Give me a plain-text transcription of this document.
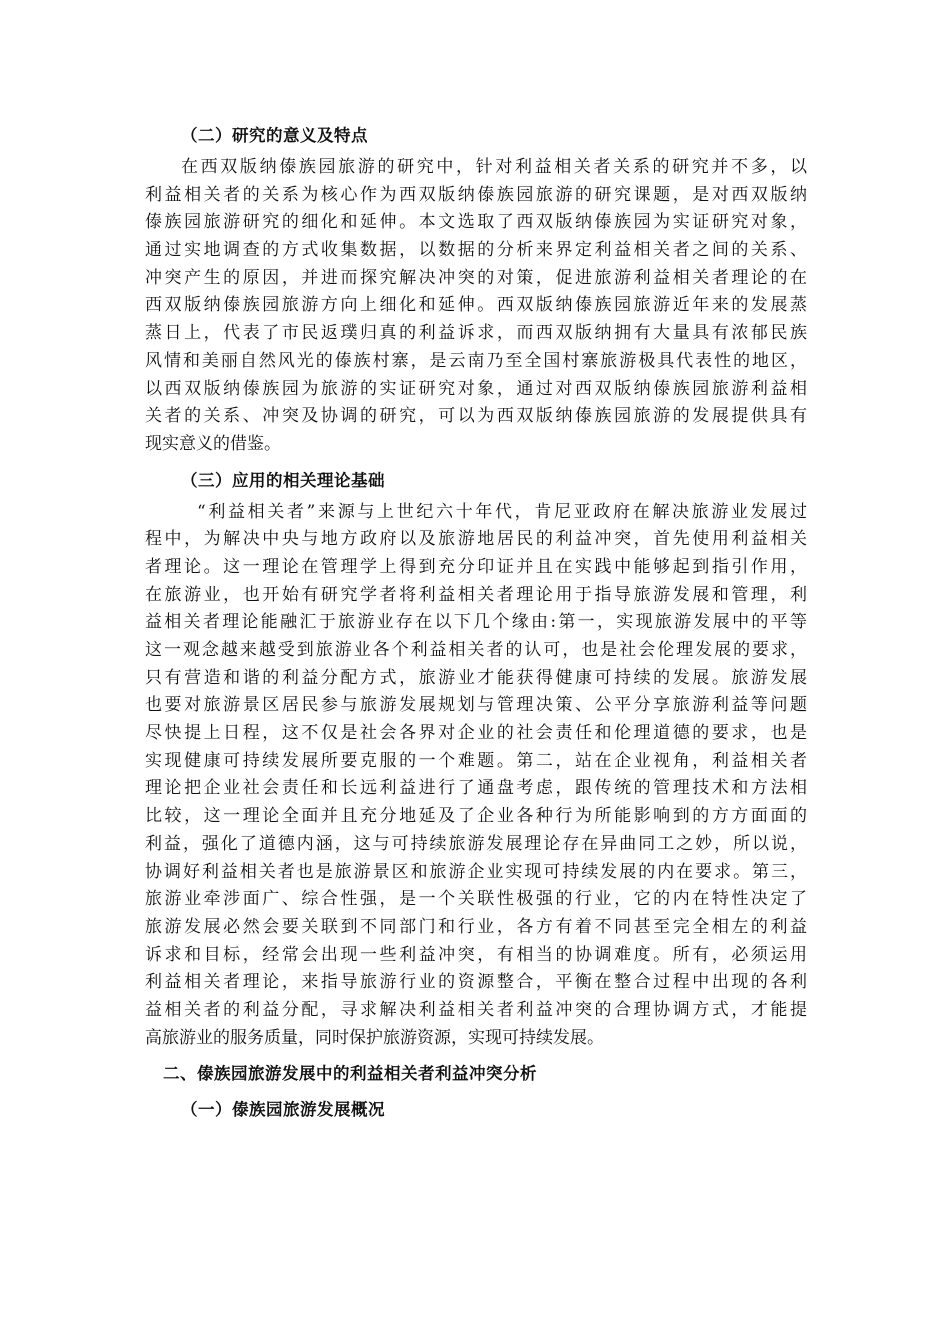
（二）研究的意义及特点
在西双版纳傣族园旅游的研究中，针对利益相关者关系的研究并不多，以
利益相关者的关系为核心作为西双版纳傣族园旅游的研究课题，是对西双版纳
傣族园旅游研究的细化和延伸。本文选取了西双版纳傣族园为实证研究对象，
通过实地调查的方式收集数据，以数据的分析来界定利益相关者之间的关系、
冲突产生的原因，并进而探究解决冲突的对策，促进旅游利益相关者理论的在
西双版纳傣族园旅游方向上细化和延伸。西双版纳傣族园旅游近年来的发展蒸
蒸日上，代表了市民返璞归真的利益诉求，而西双版纳拥有大量具有浓郁民族
风情和美丽自然风光的傣族村寨，是云南乃至全国村寨旅游极具代表性的地区，
以西双版纳傣族园为旅游的实证研究对象，通过对西双版纳傣族园旅游利益相
关者的关系、冲突及协调的研究，可以为西双版纳傣族园旅游的发展提供具有
现实意义的借鉴。
（三）应用的相关理论基础
“利益相关者”来源与上世纪六十年代，肯尼亚政府在解决旅游业发展过
程中，为解决中央与地方政府以及旅游地居民的利益冲突，首先使用利益相关
者理论。这一理论在管理学上得到充分印证并且在实践中能够起到指引作用，
在旅游业，也开始有研究学者将利益相关者理论用于指导旅游发展和管理，利
益相关者理论能融汇于旅游业存在以下几个缘由:第一，实现旅游发展中的平等
这一观念越来越受到旅游业各个利益相关者的认可，也是社会伦理发展的要求，
只有营造和谐的利益分配方式，旅游业才能获得健康可持续的发展。旅游发展
也要对旅游景区居民参与旅游发展规划与管理决策、公平分享旅游利益等问题
尽快提上日程，这不仅是社会各界对企业的社会责任和伦理道德的要求，也是
实现健康可持续发展所要克服的一个难题。第二，站在企业视角，利益相关者
理论把企业社会责任和长远利益进行了通盘考虑，跟传统的管理技术和方法相
比较，这一理论全面并且充分地延及了企业各种行为所能影响到的方方面面的
利益，强化了道德内涵，这与可持续旅游发展理论存在异曲同工之妙，所以说，
协调好利益相关者也是旅游景区和旅游企业实现可持续发展的内在要求。第三，
旅游业牵涉面广、综合性强，是一个关联性极强的行业，它的内在特性决定了
旅游发展必然会要关联到不同部门和行业，各方有着不同甚至完全相左的利益
诉求和目标，经常会出现一些利益冲突，有相当的协调难度。所有，必须运用
利益相关者理论，来指导旅游行业的资源整合，平衡在整合过程中出现的各利
益相关者的利益分配，寻求解决利益相关者利益冲突的合理协调方式，才能提
高旅游业的服务质量，同时保护旅游资源，实现可持续发展。
二、傣族园旅游发展中的利益相关者利益冲突分析
（一）傣族园旅游发展概况
